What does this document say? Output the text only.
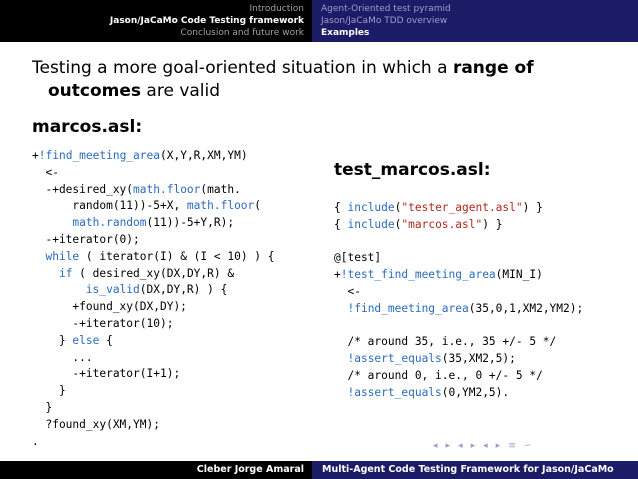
Introduction
Jason/JaCaMo Code Testing framework
Conclusion and future work
Agent-Oriented test pyramid
Jason/JaCaMo TDD overview
Examples
Testing a more goal-oriented situation in which a range of
outcomes are valid
marcos.asl:
+!find_meeting_area(X,Y,R,XM,YM)
<-
-+desired_xy(math.floor(math.
random(11))-5+X, math.floor(
math.random(11))-5+Y,R);
-+iterator(0);
while ( iterator(I) & (I < 10) ) {
if ( desired_xy(DX,DY,R) &
is_valid(DX,DY,R) ) {
+found_xy(DX,DY);
-+iterator(10);
} else {
...
-+iterator(I+1);
}
}
?found_xy(XM,YM);
.
test_marcos.asl:
{ include("tester_agent.asl") }
{ include("marcos.asl") }

@[test]
+!test_find_meeting_area(MIN_I)
<-
!find_meeting_area(35,0,1,XM2,YM2);

/* around 35, i.e., 35 +/- 5 */
!assert_equals(35,XM2,5);
/* around 0, i.e., 0 +/- 5 */
!assert_equals(0,YM2,5).
◂ ▸ ◂ ▸ ◂ ▸ ≡ ∽
Cleber Jorge Amaral	Multi-Agent Code Testing Framework for Jason/JaCaMo
